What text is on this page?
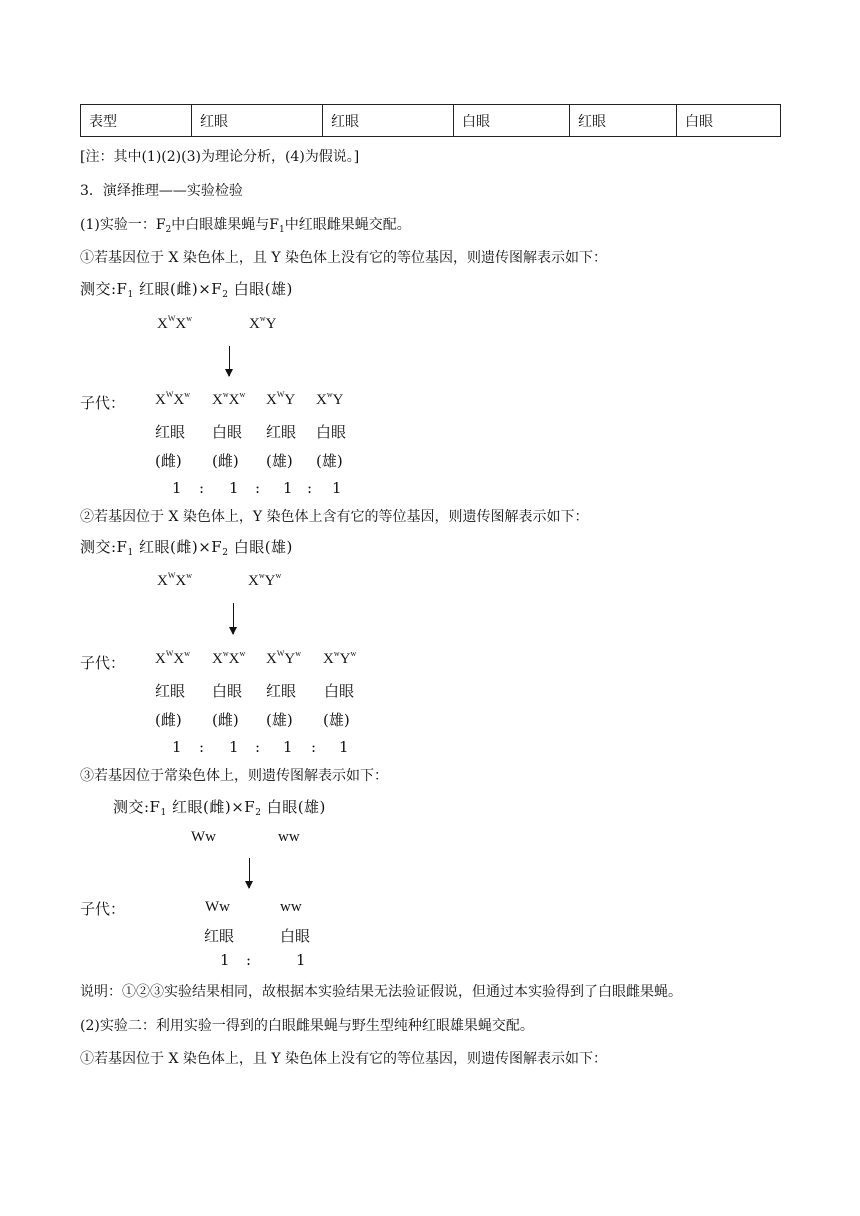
表型	红眼	红眼	白眼	红眼	白眼
[注：其中(1)(2)(3)为理论分析，(4)为假说。]
3．演绎推理——实验检验
(1)实验一：$F_2$中白眼雄果蝇与$F_1$中红眼雌果蝇交配。
①若基因位于 X 染色体上，且 Y 染色体上没有它的等位基因，则遗传图解表示如下：
测交$:F_1$ 红眼(雌)$\times F_2$ 白眼(雄)
$X^WX^w$	$X^wY$
子代： $X^WX^w$ $X^wX^w$ $X^WY$ $X^wY$
红眼 白眼 红眼 白眼
(雌) (雌) (雄) (雄)
1 : 1 : 1 : 1
②若基因位于 X 染色体上，Y 染色体上含有它的等位基因，则遗传图解表示如下：
测交$:F_1$ 红眼(雌)$\times F_2$ 白眼(雄)
$X^WX^w$	$X^wY^w$
子代： $X^WX^w$ $X^wX^w$ $X^WY^w$ $X^wY^w$
红眼 白眼 红眼 白眼
(雌) (雌) (雄) (雄)
1 : 1 : 1 : 1
③若基因位于常染色体上，则遗传图解表示如下：
测交$:F_1$ 红眼(雌)$\times F_2$ 白眼(雄)
Ww	ww
子代：	Ww	ww
红眼	白眼
1 :	1
说明：①②③实验结果相同，故根据本实验结果无法验证假说，但通过本实验得到了白眼雌果蝇。
(2)实验二：利用实验一得到的白眼雌果蝇与野生型纯种红眼雄果蝇交配。
①若基因位于 X 染色体上，且 Y 染色体上没有它的等位基因，则遗传图解表示如下：
